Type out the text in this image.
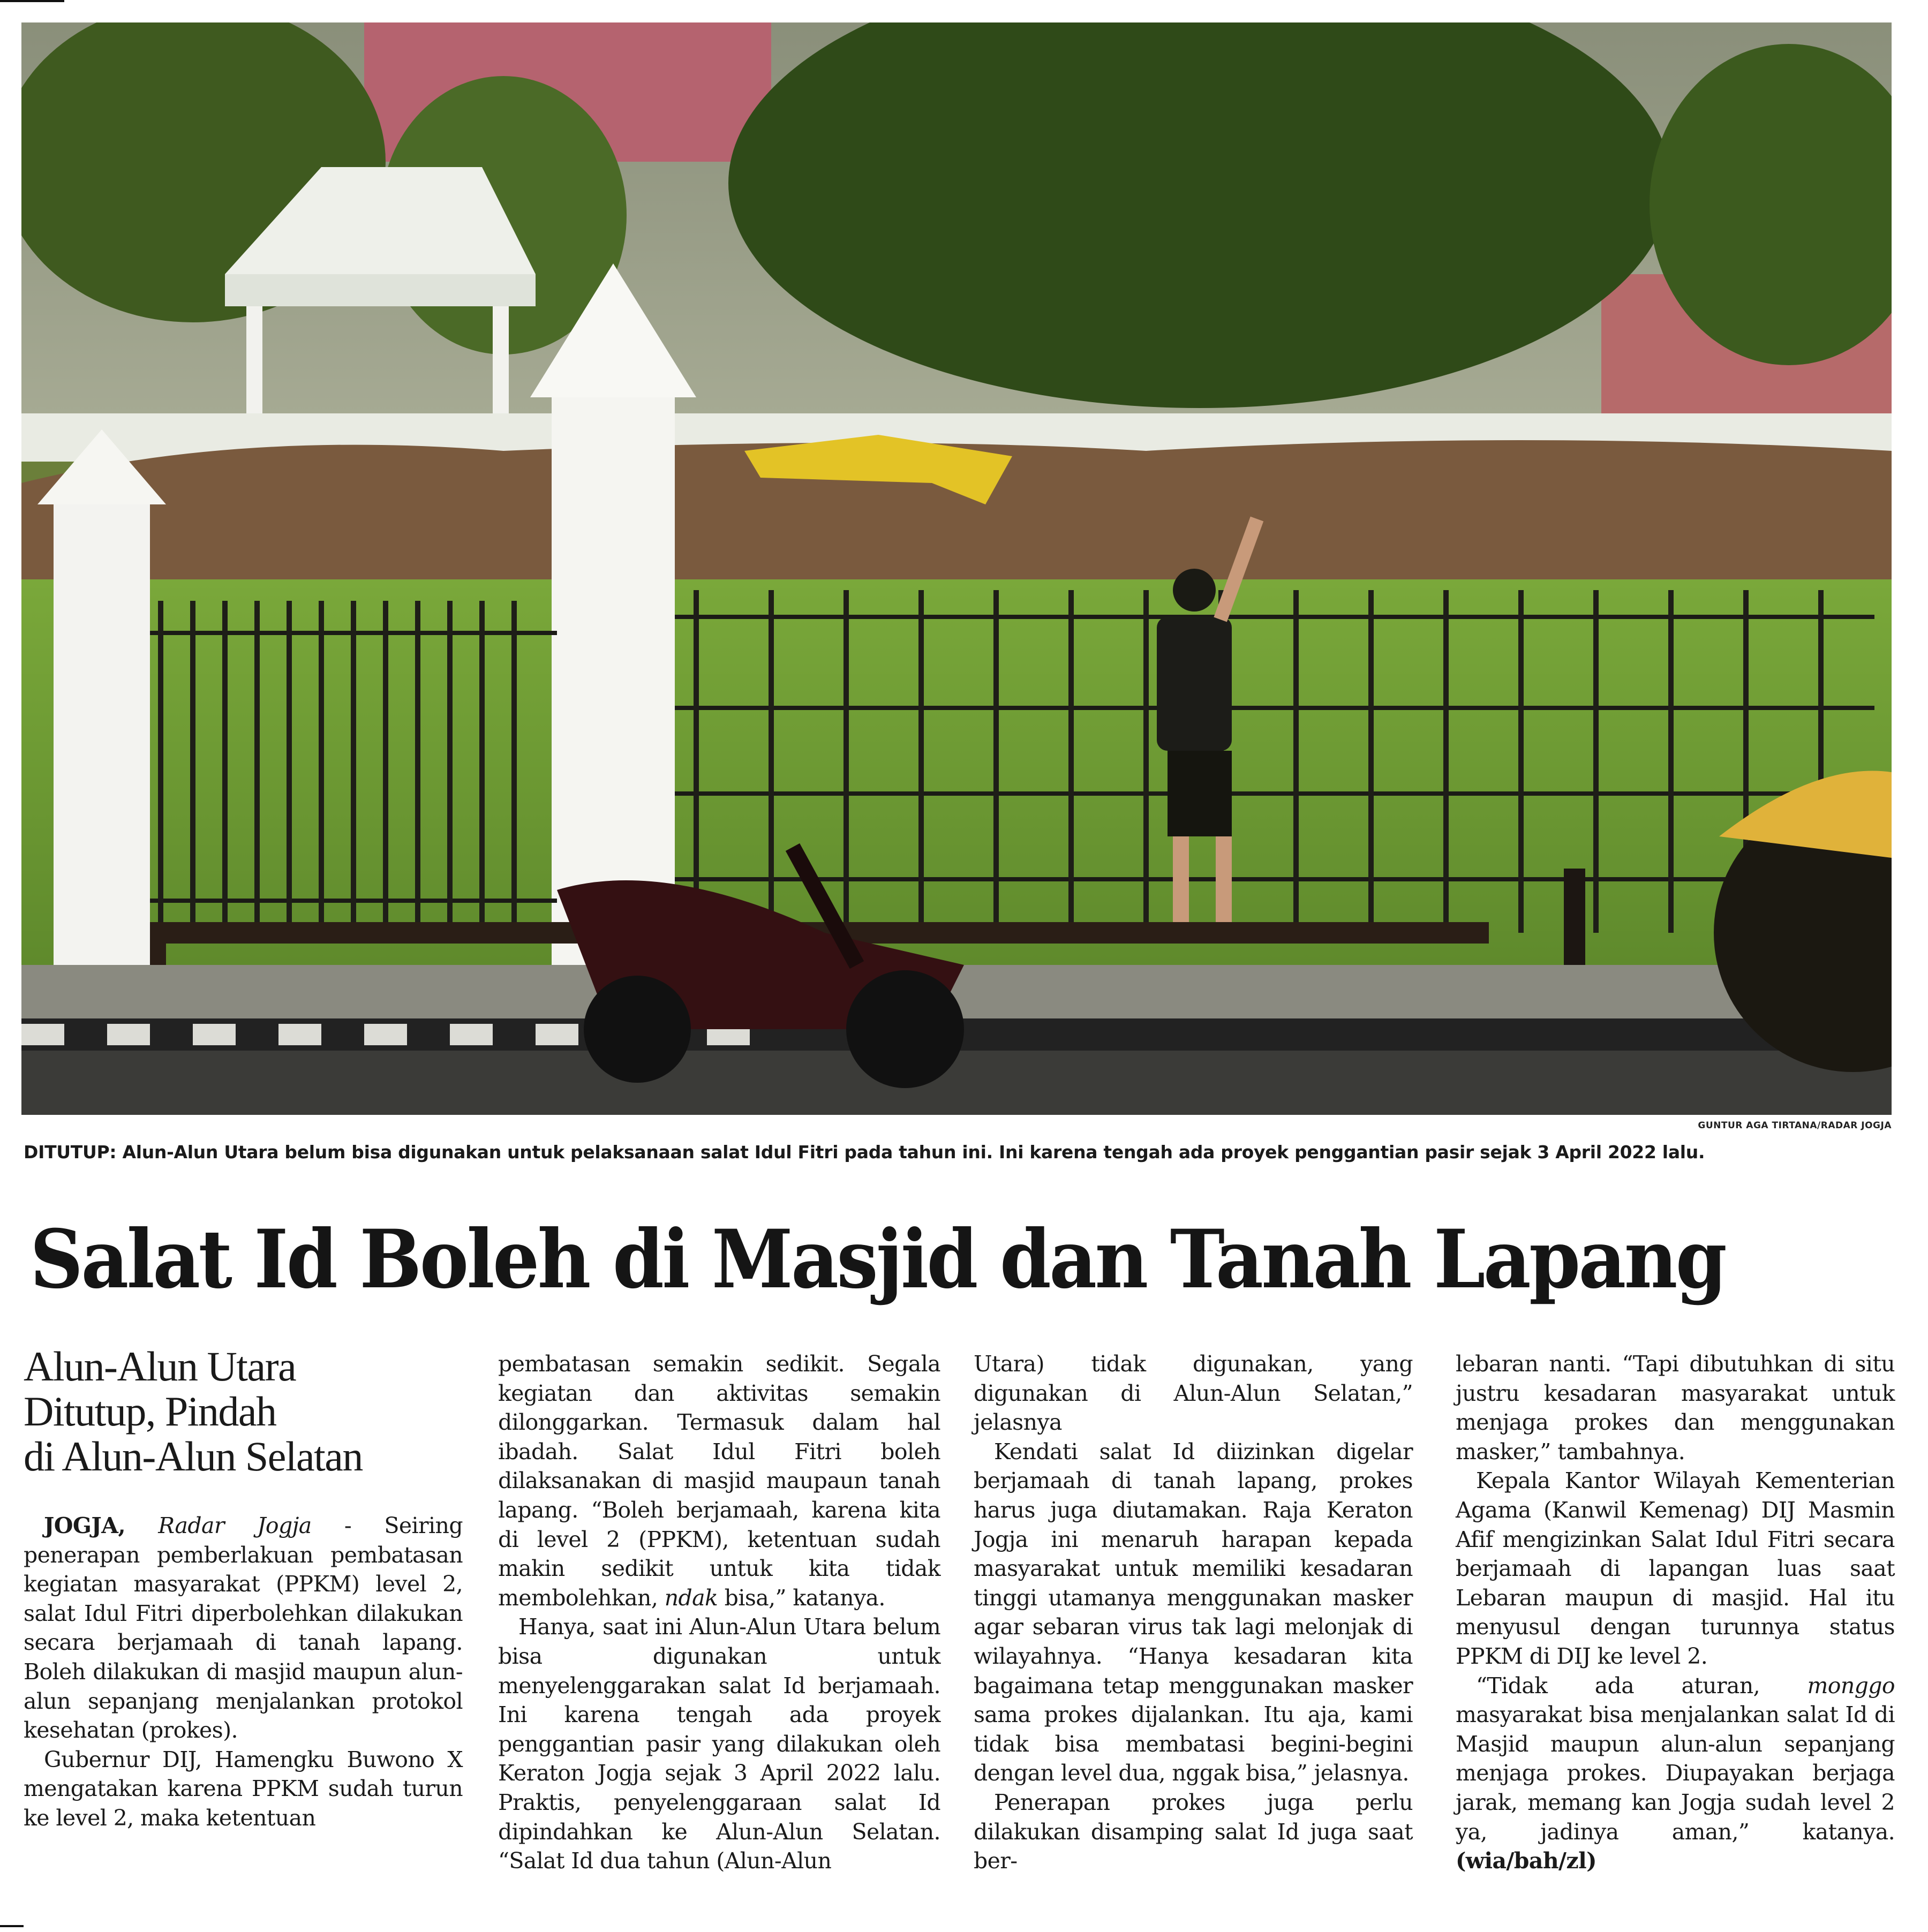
GUNTUR AGA TIRTANA/RADAR JOGJA
DITUTUP: Alun-Alun Utara belum bisa digunakan untuk pelaksanaan salat Idul Fitri pada tahun ini. Ini karena tengah ada proyek penggantian pasir sejak 3 April 2022 lalu.
Salat Id Boleh di Masjid dan Tanah Lapang
Alun-Alun Utara
Ditutup, Pindah
di Alun-Alun Selatan

JOGJA, Radar Jogja - Seiring penerapan pemberlakuan pembatasan kegiatan masyarakat (PPKM) level 2, salat Idul Fitri diperbolehkan dilakukan secara berjamaah di tanah lapang. Boleh dilakukan di masjid maupun alun-alun sepanjang menjalankan protokol kesehatan (prokes).

Gubernur DIJ, Hamengku Buwono X mengatakan karena PPKM sudah turun ke level 2, maka ketentuan

pembatasan semakin sedikit. Segala kegiatan dan aktivitas semakin dilonggarkan. Termasuk dalam hal ibadah. Salat Idul Fitri boleh dilaksanakan di masjid maupaun tanah lapang. “Boleh berjamaah, karena kita di level 2 (PPKM), ketentuan sudah makin sedikit untuk kita tidak membolehkan, ndak bisa,” katanya.

Hanya, saat ini Alun-Alun Utara belum bisa digunakan untuk menyelenggarakan salat Id berjamaah. Ini karena tengah ada proyek penggantian pasir yang dilakukan oleh Keraton Jogja sejak 3 April 2022 lalu. Praktis, penyelenggaraan salat Id dipindahkan ke Alun-Alun Selatan. “Salat Id dua tahun (Alun-Alun

Utara) tidak digunakan, yang digunakan di Alun-Alun Selatan,” jelasnya

Kendati salat Id diizinkan digelar berjamaah di tanah lapang, prokes harus juga diutamakan. Raja Keraton Jogja ini menaruh harapan kepada masyarakat untuk memiliki kesadaran tinggi utamanya menggunakan masker agar sebaran virus tak lagi melonjak di wilayahnya. “Hanya kesadaran kita bagaimana tetap menggunakan masker sama prokes dijalankan. Itu aja, kami tidak bisa membatasi begini-begini dengan level dua, nggak bisa,” jelasnya.

Penerapan prokes juga perlu dilakukan disamping salat Id juga saat ber-

lebaran nanti. “Tapi dibutuhkan di situ justru kesadaran masyarakat untuk menjaga prokes dan menggunakan masker,” tambahnya.

Kepala Kantor Wilayah Kementerian Agama (Kanwil Kemenag) DIJ Masmin Afif mengizinkan Salat Idul Fitri secara berjamaah di lapangan luas saat Lebaran maupun di masjid. Hal itu menyusul dengan turunnya status PPKM di DIJ ke level 2.

“Tidak ada aturan, monggo masyarakat bisa menjalankan salat Id di Masjid maupun alun-alun sepanjang menjaga prokes. Diupayakan berjaga jarak, memang kan Jogja sudah level 2 ya, jadinya aman,” katanya. (wia/bah/zl)
